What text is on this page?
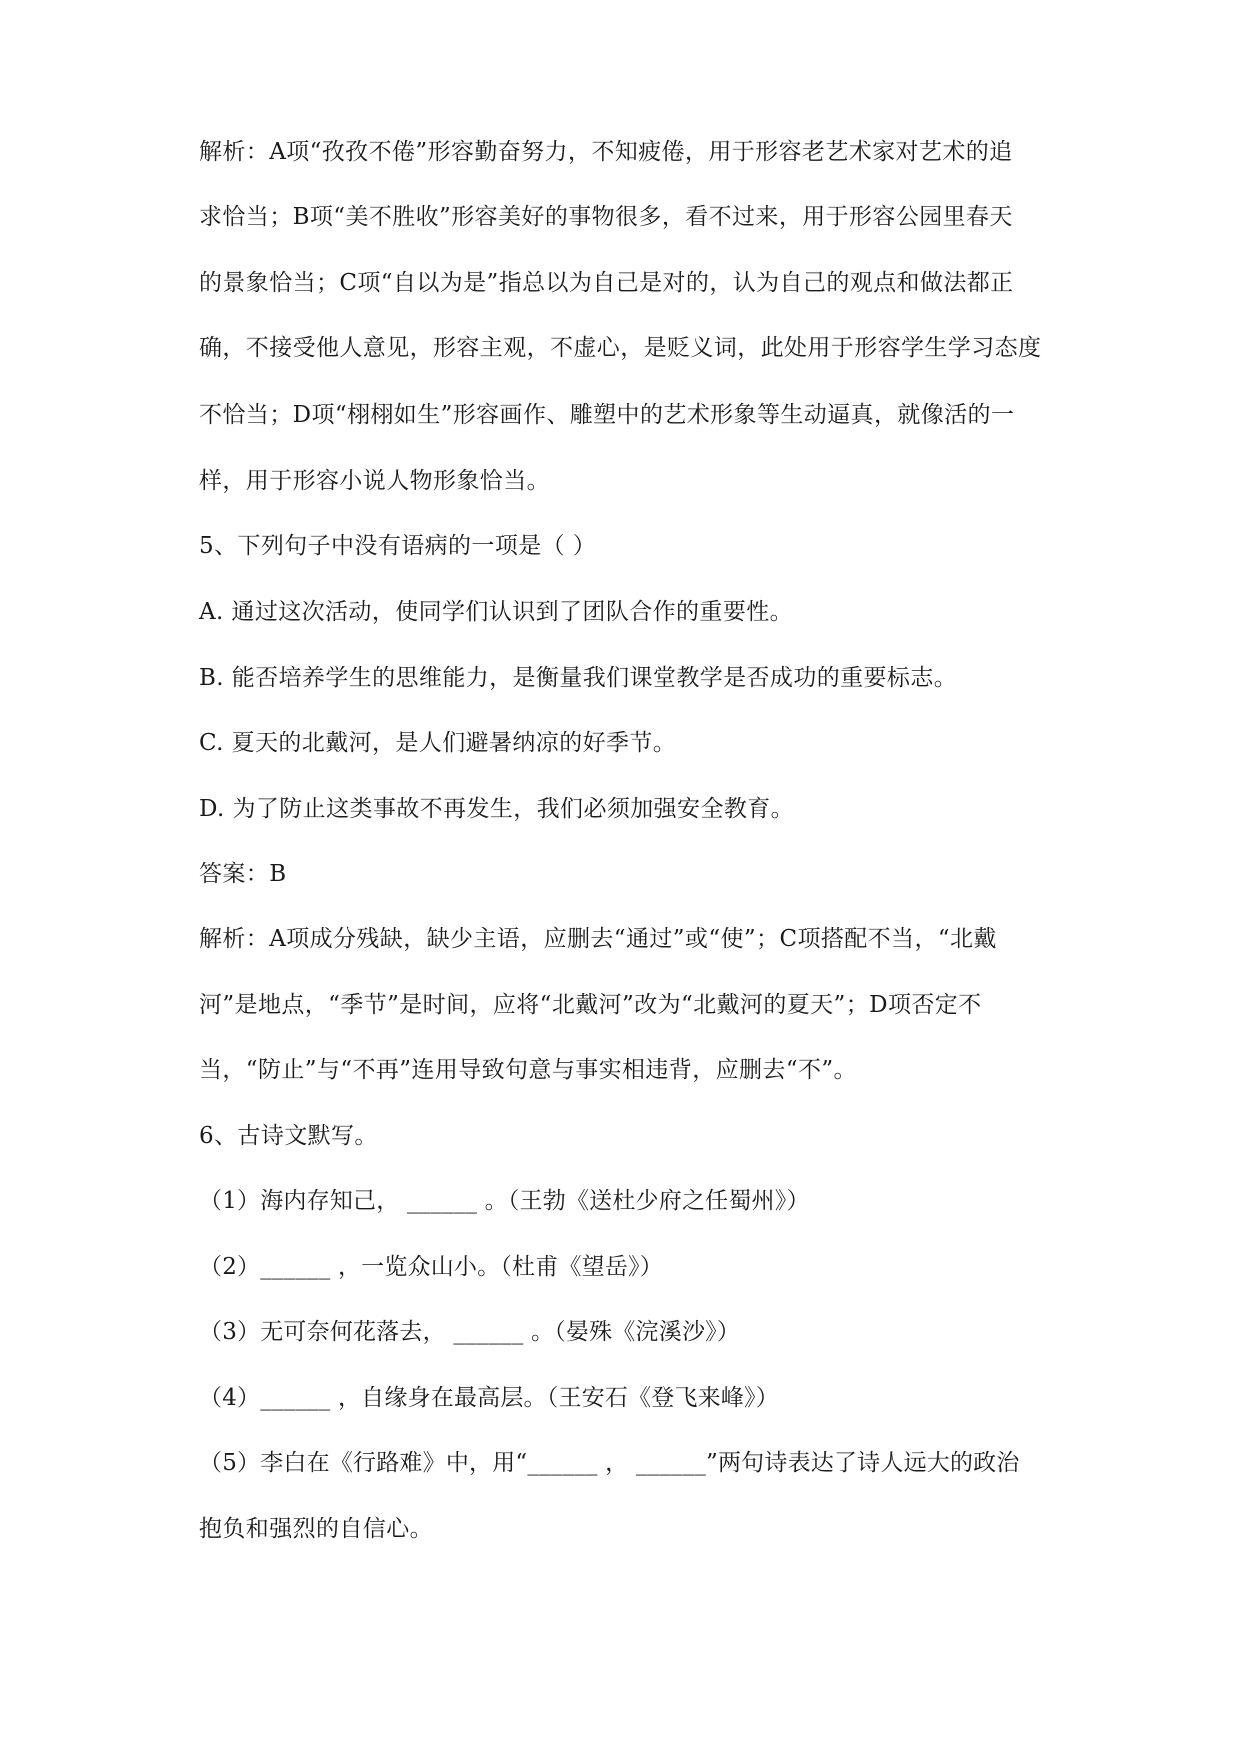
解析：A项“孜孜不倦”形容勤奋努力，不知疲倦，用于形容老艺术家对艺术的追
求恰当；B项“美不胜收”形容美好的事物很多，看不过来，用于形容公园里春天
的景象恰当；C项“自以为是”指总以为自己是对的，认为自己的观点和做法都正
确，不接受他人意见，形容主观，不虚心，是贬义词，此处用于形容学生学习态度
不恰当；D项“栩栩如生”形容画作、雕塑中的艺术形象等生动逼真，就像活的一
样，用于形容小说人物形象恰当。
5、下列句子中没有语病的一项是（ ）
A. 通过这次活动，使同学们认识到了团队合作的重要性。
B. 能否培养学生的思维能力，是衡量我们课堂教学是否成功的重要标志。
C. 夏天的北戴河，是人们避暑纳凉的好季节。
D. 为了防止这类事故不再发生，我们必须加强安全教育。
答案：B
解析：A项成分残缺，缺少主语，应删去“通过”或“使”；C项搭配不当，“北戴
河”是地点，“季节”是时间，应将“北戴河”改为“北戴河的夏天”；D项否定不
当，“防止”与“不再”连用导致句意与事实相违背，应删去“不”。
6、古诗文默写。
（1）海内存知己， ______ 。（王勃《送杜少府之任蜀州》）
（2）______ ，一览众山小。（杜甫《望岳》）
（3）无可奈何花落去， ______ 。（晏殊《浣溪沙》）
（4）______ ，自缘身在最高层。（王安石《登飞来峰》）
（5）李白在《行路难》中，用“______ ， ______”两句诗表达了诗人远大的政治
抱负和强烈的自信心。
